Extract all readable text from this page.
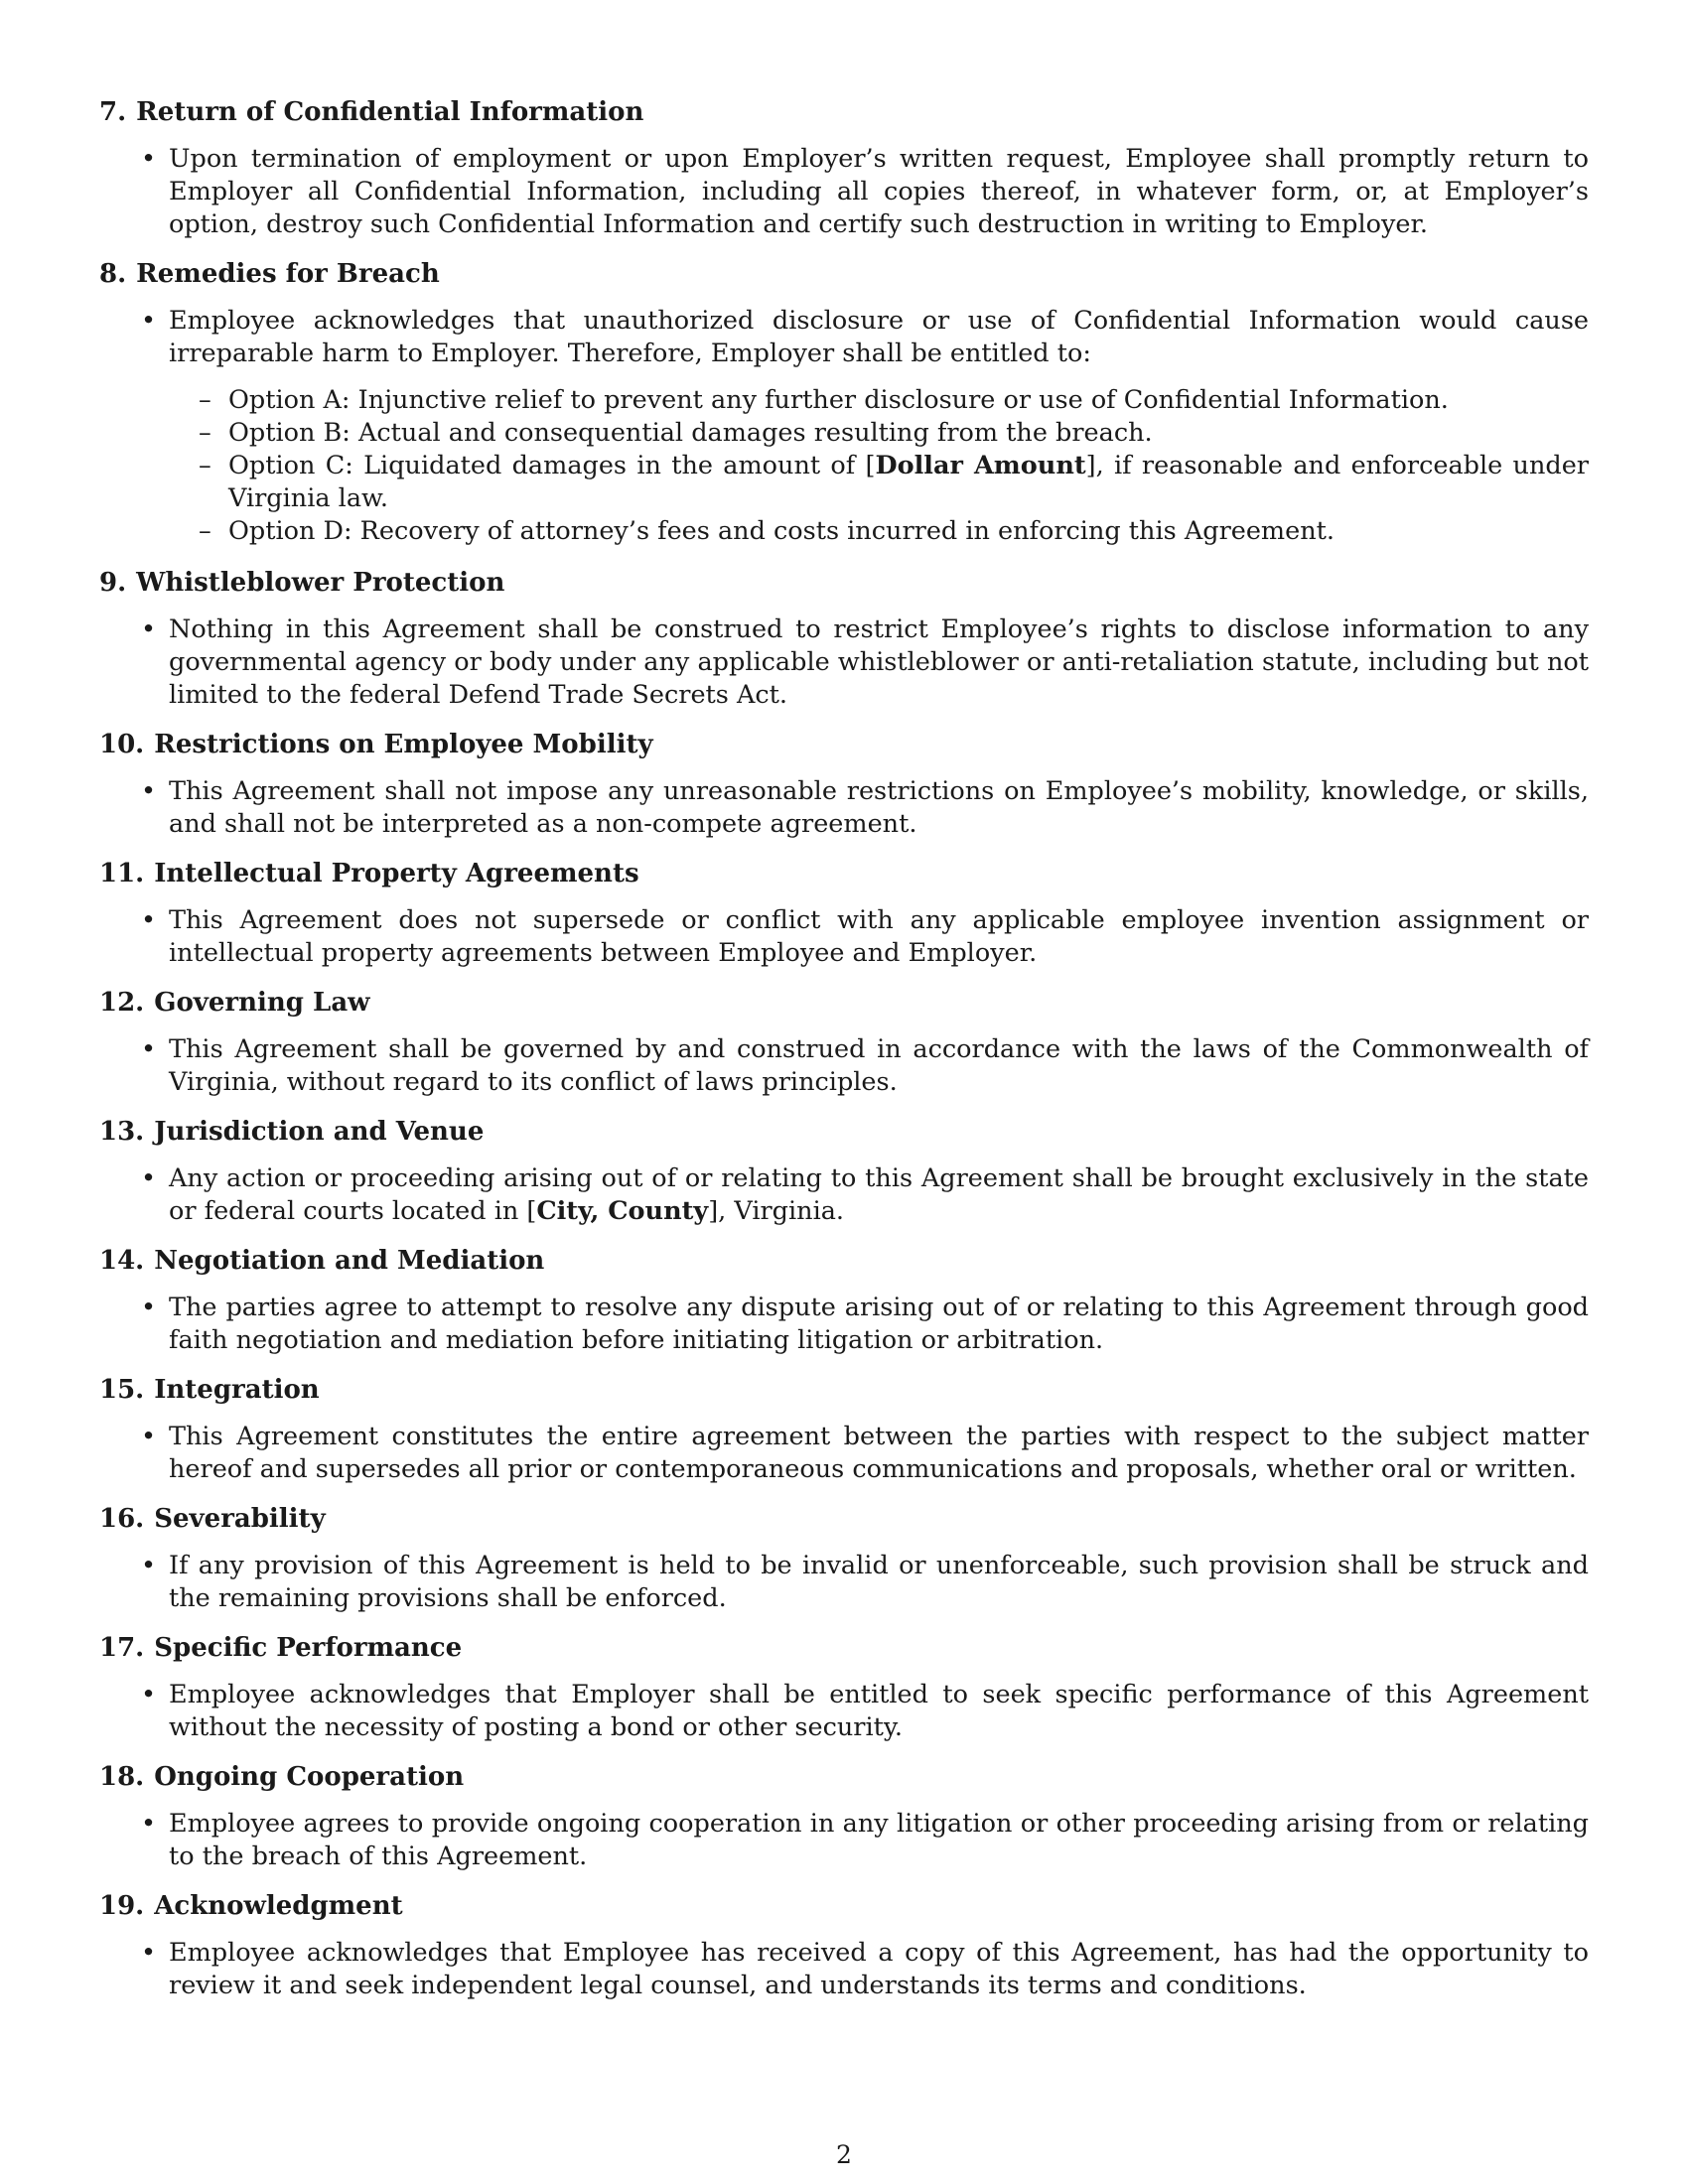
7. Return of Confidential Information
• Upon termination of employment or upon Employer’s written request, Employee shall promptly return to Employer all Confidential Information, including all copies thereof, in whatever form, or, at Employer’s option, destroy such Confidential Information and certify such destruction in writing to Employer.
8. Remedies for Breach
• Employee acknowledges that unauthorized disclosure or use of Confidential Information would cause irreparable harm to Employer. Therefore, Employer shall be entitled to:
– Option A: Injunctive relief to prevent any further disclosure or use of Confidential Information.
– Option B: Actual and consequential damages resulting from the breach.
– Option C: Liquidated damages in the amount of [Dollar Amount], if reasonable and enforceable under Virginia law.
– Option D: Recovery of attorney’s fees and costs incurred in enforcing this Agreement.
9. Whistleblower Protection
• Nothing in this Agreement shall be construed to restrict Employee’s rights to disclose information to any governmental agency or body under any applicable whistleblower or anti-retaliation statute, including but not limited to the federal Defend Trade Secrets Act.
10. Restrictions on Employee Mobility
• This Agreement shall not impose any unreasonable restrictions on Employee’s mobility, knowledge, or skills, and shall not be interpreted as a non-compete agreement.
11. Intellectual Property Agreements
• This Agreement does not supersede or conflict with any applicable employee invention assignment or intellectual property agreements between Employee and Employer.
12. Governing Law
• This Agreement shall be governed by and construed in accordance with the laws of the Commonwealth of Virginia, without regard to its conflict of laws principles.
13. Jurisdiction and Venue
• Any action or proceeding arising out of or relating to this Agreement shall be brought exclusively in the state or federal courts located in [City, County], Virginia.
14. Negotiation and Mediation
• The parties agree to attempt to resolve any dispute arising out of or relating to this Agreement through good faith negotiation and mediation before initiating litigation or arbitration.
15. Integration
• This Agreement constitutes the entire agreement between the parties with respect to the subject matter hereof and supersedes all prior or contemporaneous communications and proposals, whether oral or written.
16. Severability
• If any provision of this Agreement is held to be invalid or unenforceable, such provision shall be struck and the remaining provisions shall be enforced.
17. Specific Performance
• Employee acknowledges that Employer shall be entitled to seek specific performance of this Agreement without the necessity of posting a bond or other security.
18. Ongoing Cooperation
• Employee agrees to provide ongoing cooperation in any litigation or other proceeding arising from or relating to the breach of this Agreement.
19. Acknowledgment
• Employee acknowledges that Employee has received a copy of this Agreement, has had the opportunity to review it and seek independent legal counsel, and understands its terms and conditions.
2
